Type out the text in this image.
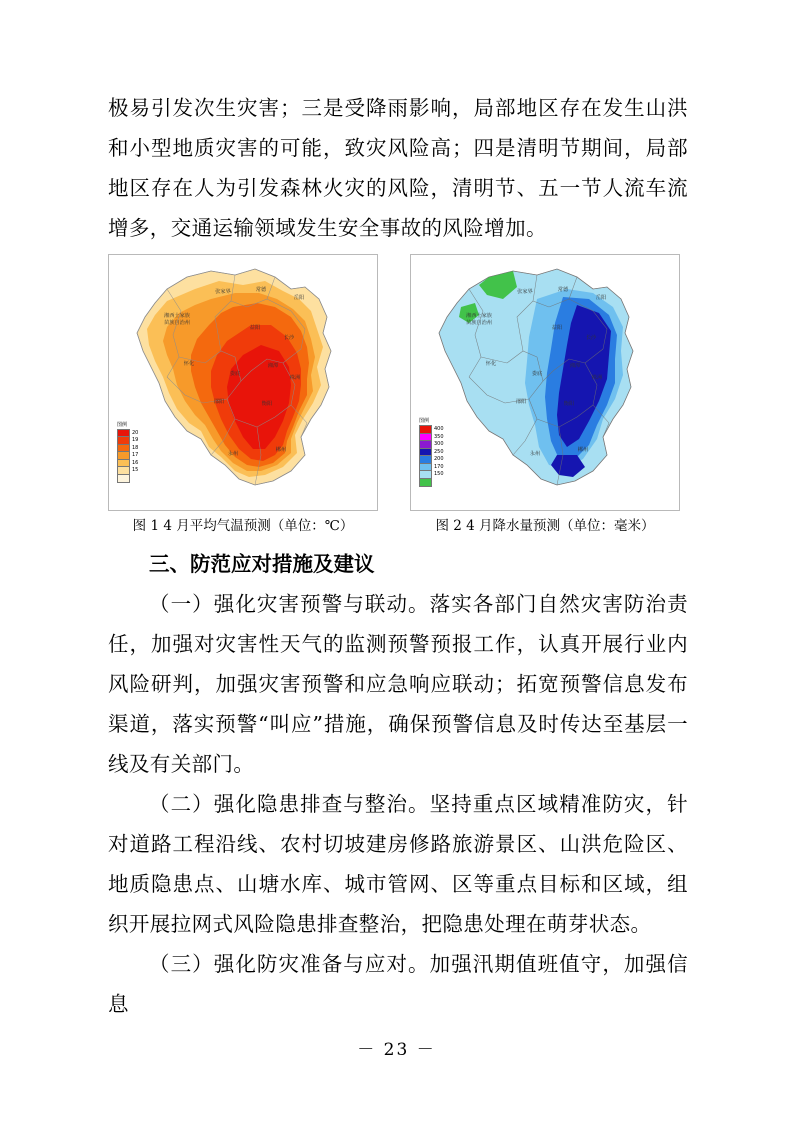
极易引发次生灾害；三是受降雨影响，局部地区存在发生山洪和小型地质灾害的可能，致灾风险高；四是清明节期间，局部地区存在人为引发森林火灾的风险，清明节、五一节人流车流增多，交通运输领域发生安全事故的风险增加。

张家界	常德
岳阳
湘西土家族
苗族自治州
益阳
长沙
怀化
娄底
湘潭
株洲
衡阳
邵阳
永州
郴州
图例
20
19
18
17
16
15
图 1 4 月平均气温预测（单位：℃）
张家界	常德
岳阳
湘西土家族
苗族自治州
益阳
长沙
怀化
娄底
湘潭
株洲
衡阳
邵阳
永州
郴州
图例
400
350
300
250
200
170
150
图 2 4 月降水量预测（单位：毫米）
三、防范应对措施及建议

（一）强化灾害预警与联动。落实各部门自然灾害防治责任，加强对灾害性天气的监测预警预报工作，认真开展行业内风险研判，加强灾害预警和应急响应联动；拓宽预警信息发布渠道，落实预警“叫应”措施，确保预警信息及时传达至基层一线及有关部门。

（二）强化隐患排查与整治。坚持重点区域精准防灾，针对道路工程沿线、农村切坡建房修路旅游景区、山洪危险区、地质隐患点、山塘水库、城市管网、区等重点目标和区域，组织开展拉网式风险隐患排查整治，把隐患处理在萌芽状态。

（三）强化防灾准备与应对。加强汛期值班值守，加强信息

－ 23 －
